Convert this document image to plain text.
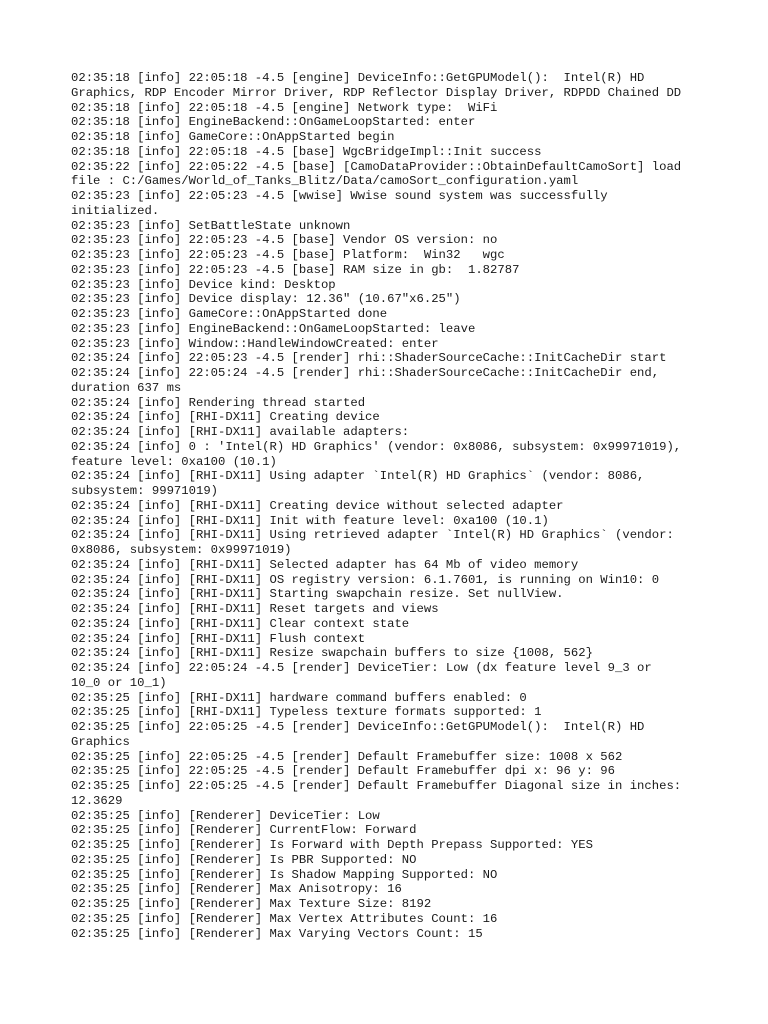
02:35:18 [info] 22:05:18 -4.5 [engine] DeviceInfo::GetGPUModel():  Intel(R) HD
Graphics, RDP Encoder Mirror Driver, RDP Reflector Display Driver, RDPDD Chained DD
02:35:18 [info] 22:05:18 -4.5 [engine] Network type:  WiFi
02:35:18 [info] EngineBackend::OnGameLoopStarted: enter
02:35:18 [info] GameCore::OnAppStarted begin
02:35:18 [info] 22:05:18 -4.5 [base] WgcBridgeImpl::Init success
02:35:22 [info] 22:05:22 -4.5 [base] [CamoDataProvider::ObtainDefaultCamoSort] load
file : C:/Games/World_of_Tanks_Blitz/Data/camoSort_configuration.yaml
02:35:23 [info] 22:05:23 -4.5 [wwise] Wwise sound system was successfully
initialized.
02:35:23 [info] SetBattleState unknown
02:35:23 [info] 22:05:23 -4.5 [base] Vendor OS version: no
02:35:23 [info] 22:05:23 -4.5 [base] Platform:  Win32   wgc
02:35:23 [info] 22:05:23 -4.5 [base] RAM size in gb:  1.82787
02:35:23 [info] Device kind: Desktop
02:35:23 [info] Device display: 12.36" (10.67"x6.25")
02:35:23 [info] GameCore::OnAppStarted done
02:35:23 [info] EngineBackend::OnGameLoopStarted: leave
02:35:23 [info] Window::HandleWindowCreated: enter
02:35:24 [info] 22:05:23 -4.5 [render] rhi::ShaderSourceCache::InitCacheDir start
02:35:24 [info] 22:05:24 -4.5 [render] rhi::ShaderSourceCache::InitCacheDir end,
duration 637 ms
02:35:24 [info] Rendering thread started
02:35:24 [info] [RHI-DX11] Creating device
02:35:24 [info] [RHI-DX11] available adapters:
02:35:24 [info] 0 : 'Intel(R) HD Graphics' (vendor: 0x8086, subsystem: 0x99971019),
feature level: 0xa100 (10.1)
02:35:24 [info] [RHI-DX11] Using adapter `Intel(R) HD Graphics` (vendor: 8086,
subsystem: 99971019)
02:35:24 [info] [RHI-DX11] Creating device without selected adapter
02:35:24 [info] [RHI-DX11] Init with feature level: 0xa100 (10.1)
02:35:24 [info] [RHI-DX11] Using retrieved adapter `Intel(R) HD Graphics` (vendor:
0x8086, subsystem: 0x99971019)
02:35:24 [info] [RHI-DX11] Selected adapter has 64 Mb of video memory
02:35:24 [info] [RHI-DX11] OS registry version: 6.1.7601, is running on Win10: 0
02:35:24 [info] [RHI-DX11] Starting swapchain resize. Set nullView.
02:35:24 [info] [RHI-DX11] Reset targets and views
02:35:24 [info] [RHI-DX11] Clear context state
02:35:24 [info] [RHI-DX11] Flush context
02:35:24 [info] [RHI-DX11] Resize swapchain buffers to size {1008, 562}
02:35:24 [info] 22:05:24 -4.5 [render] DeviceTier: Low (dx feature level 9_3 or
10_0 or 10_1)
02:35:25 [info] [RHI-DX11] hardware command buffers enabled: 0
02:35:25 [info] [RHI-DX11] Typeless texture formats supported: 1
02:35:25 [info] 22:05:25 -4.5 [render] DeviceInfo::GetGPUModel():  Intel(R) HD
Graphics
02:35:25 [info] 22:05:25 -4.5 [render] Default Framebuffer size: 1008 x 562
02:35:25 [info] 22:05:25 -4.5 [render] Default Framebuffer dpi x: 96 y: 96
02:35:25 [info] 22:05:25 -4.5 [render] Default Framebuffer Diagonal size in inches:
12.3629
02:35:25 [info] [Renderer] DeviceTier: Low
02:35:25 [info] [Renderer] CurrentFlow: Forward
02:35:25 [info] [Renderer] Is Forward with Depth Prepass Supported: YES
02:35:25 [info] [Renderer] Is PBR Supported: NO
02:35:25 [info] [Renderer] Is Shadow Mapping Supported: NO
02:35:25 [info] [Renderer] Max Anisotropy: 16
02:35:25 [info] [Renderer] Max Texture Size: 8192
02:35:25 [info] [Renderer] Max Vertex Attributes Count: 16
02:35:25 [info] [Renderer] Max Varying Vectors Count: 15
